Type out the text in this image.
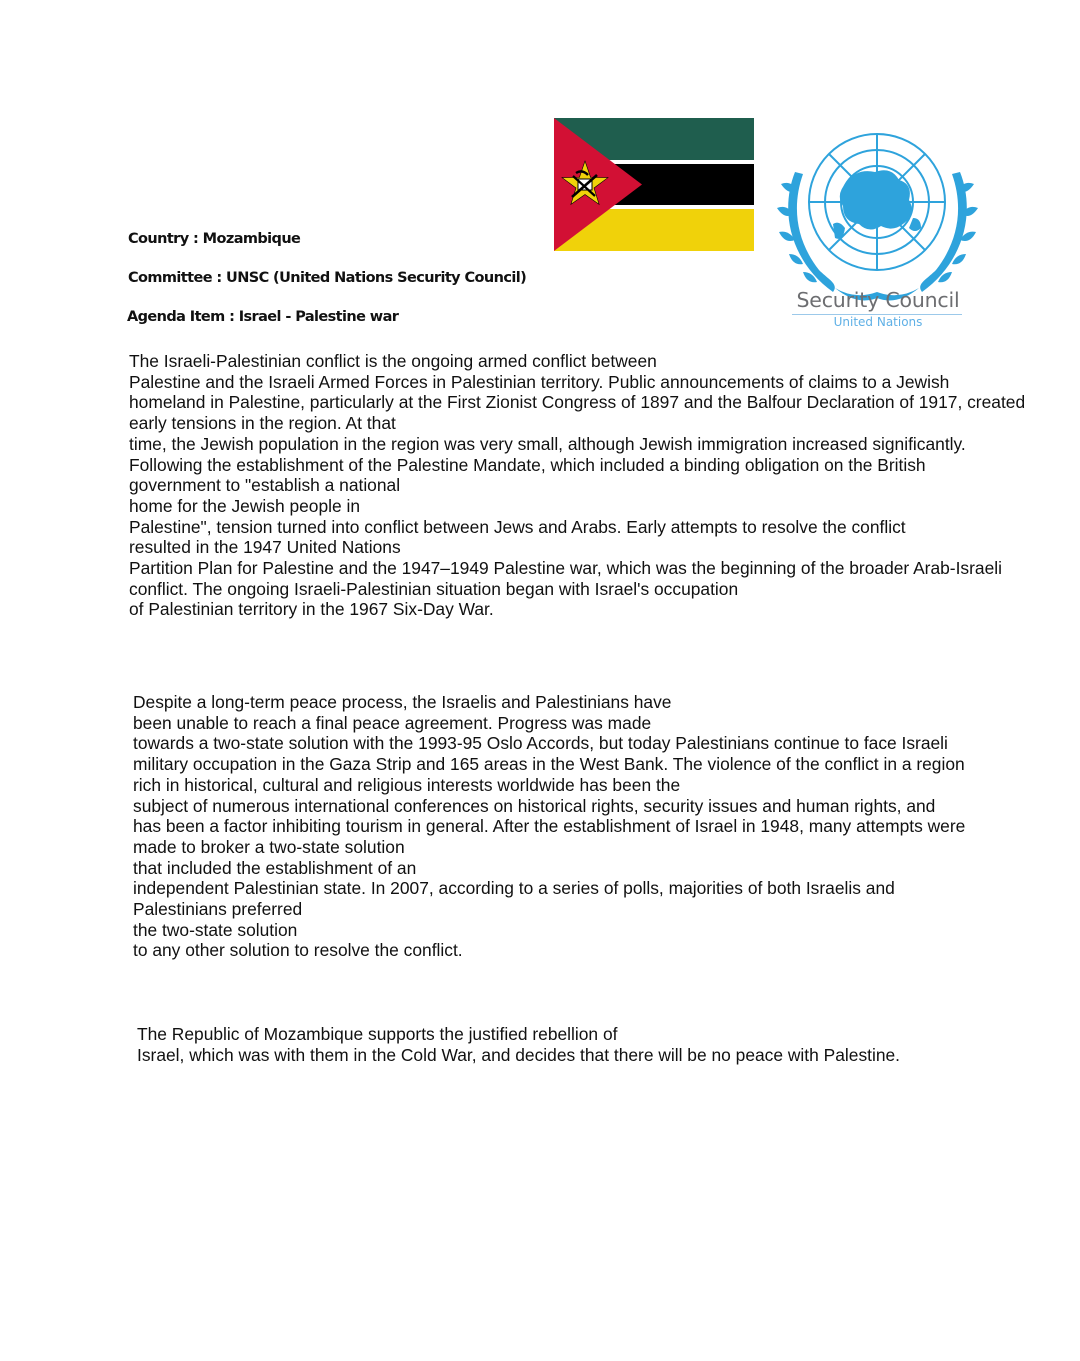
Country : Mozambique
Committee : UNSC (United Nations Security Council)
Agenda Item : Israel - Palestine war
Security Council
United Nations
The Israeli-Palestinian conflict is the ongoing armed conflict between
Palestine and the Israeli Armed Forces in Palestinian territory. Public announcements of claims to a Jewish
homeland in Palestine, particularly at the First Zionist Congress of 1897 and the Balfour Declaration of 1917, created
early tensions in the region. At that
time, the Jewish population in the region was very small, although Jewish immigration increased significantly.
Following the establishment of the Palestine Mandate, which included a binding obligation on the British
government to "establish a national
home for the Jewish people in
Palestine", tension turned into conflict between Jews and Arabs. Early attempts to resolve the conflict
resulted in the 1947 United Nations
Partition Plan for Palestine and the 1947–1949 Palestine war, which was the beginning of the broader Arab-Israeli
conflict. The ongoing Israeli-Palestinian situation began with Israel's occupation
of Palestinian territory in the 1967 Six-Day War.
Despite a long-term peace process, the Israelis and Palestinians have
been unable to reach a final peace agreement. Progress was made
towards a two-state solution with the 1993-95 Oslo Accords, but today Palestinians continue to face Israeli
military occupation in the Gaza Strip and 165 areas in the West Bank. The violence of the conflict in a region
rich in historical, cultural and religious interests worldwide has been the
subject of numerous international conferences on historical rights, security issues and human rights, and
has been a factor inhibiting tourism in general. After the establishment of Israel in 1948, many attempts were
made to broker a two-state solution
that included the establishment of an
independent Palestinian state. In 2007, according to a series of polls, majorities of both Israelis and
Palestinians preferred
the two-state solution
to any other solution to resolve the conflict.
The Republic of Mozambique supports the justified rebellion of
Israel, which was with them in the Cold War, and decides that there will be no peace with Palestine.
